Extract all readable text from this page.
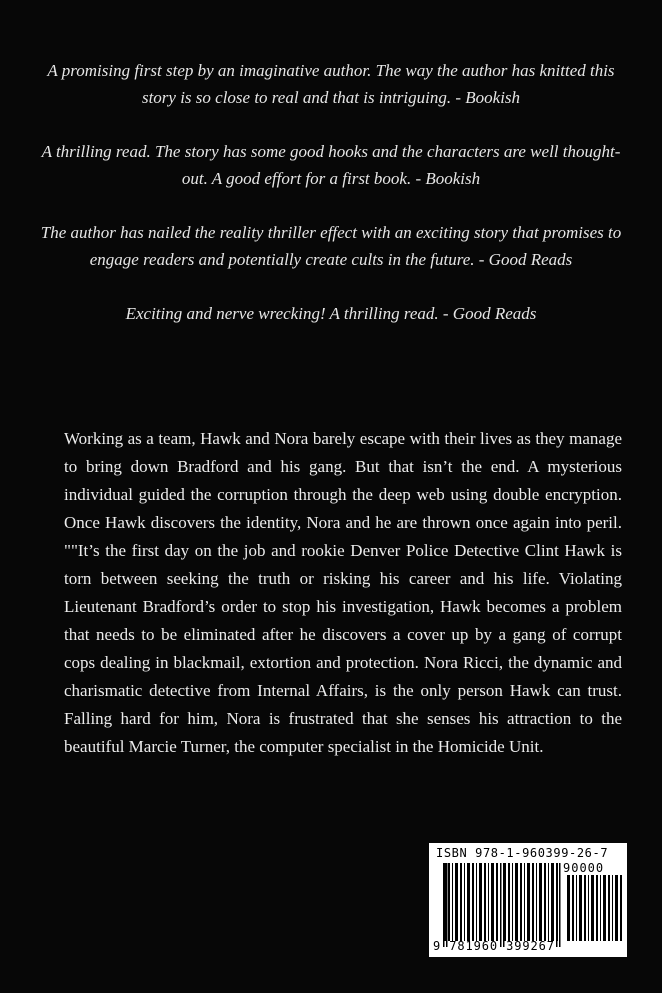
A promising first step by an imaginative author. The way the author has knitted this story is so close to real and that is intriguing. - Bookish

A thrilling read. The story has some good hooks and the characters are well thought-out. A good effort for a first book. - Bookish

The author has nailed the reality thriller effect with an exciting story that promises to engage readers and potentially create cults in the future. - Good Reads

Exciting and nerve wrecking! A thrilling read. - Good Reads

Working as a team, Hawk and Nora barely escape with their lives as they manage to bring down Bradford and his gang. But that isn’t the end. A mysterious individual guided the corruption through the deep web using double encryption. Once Hawk discovers the identity, Nora and he are thrown once again into peril. ""It’s the first day on the job and rookie Denver Police Detective Clint Hawk is torn between seeking the truth or risking his career and his life. Violating Lieutenant Bradford’s order to stop his investigation, Hawk becomes a problem that needs to be eliminated after he discovers a cover up by a gang of corrupt cops dealing in blackmail, extortion and protection. Nora Ricci, the dynamic and charismatic detective from Internal Affairs, is the only person Hawk can trust. Falling hard for him, Nora is frustrated that she senses his attraction to the beautiful Marcie Turner, the computer specialist in the Homicide Unit.

ISBN 978-1-960399-26-7
90000
9 781960 399267
